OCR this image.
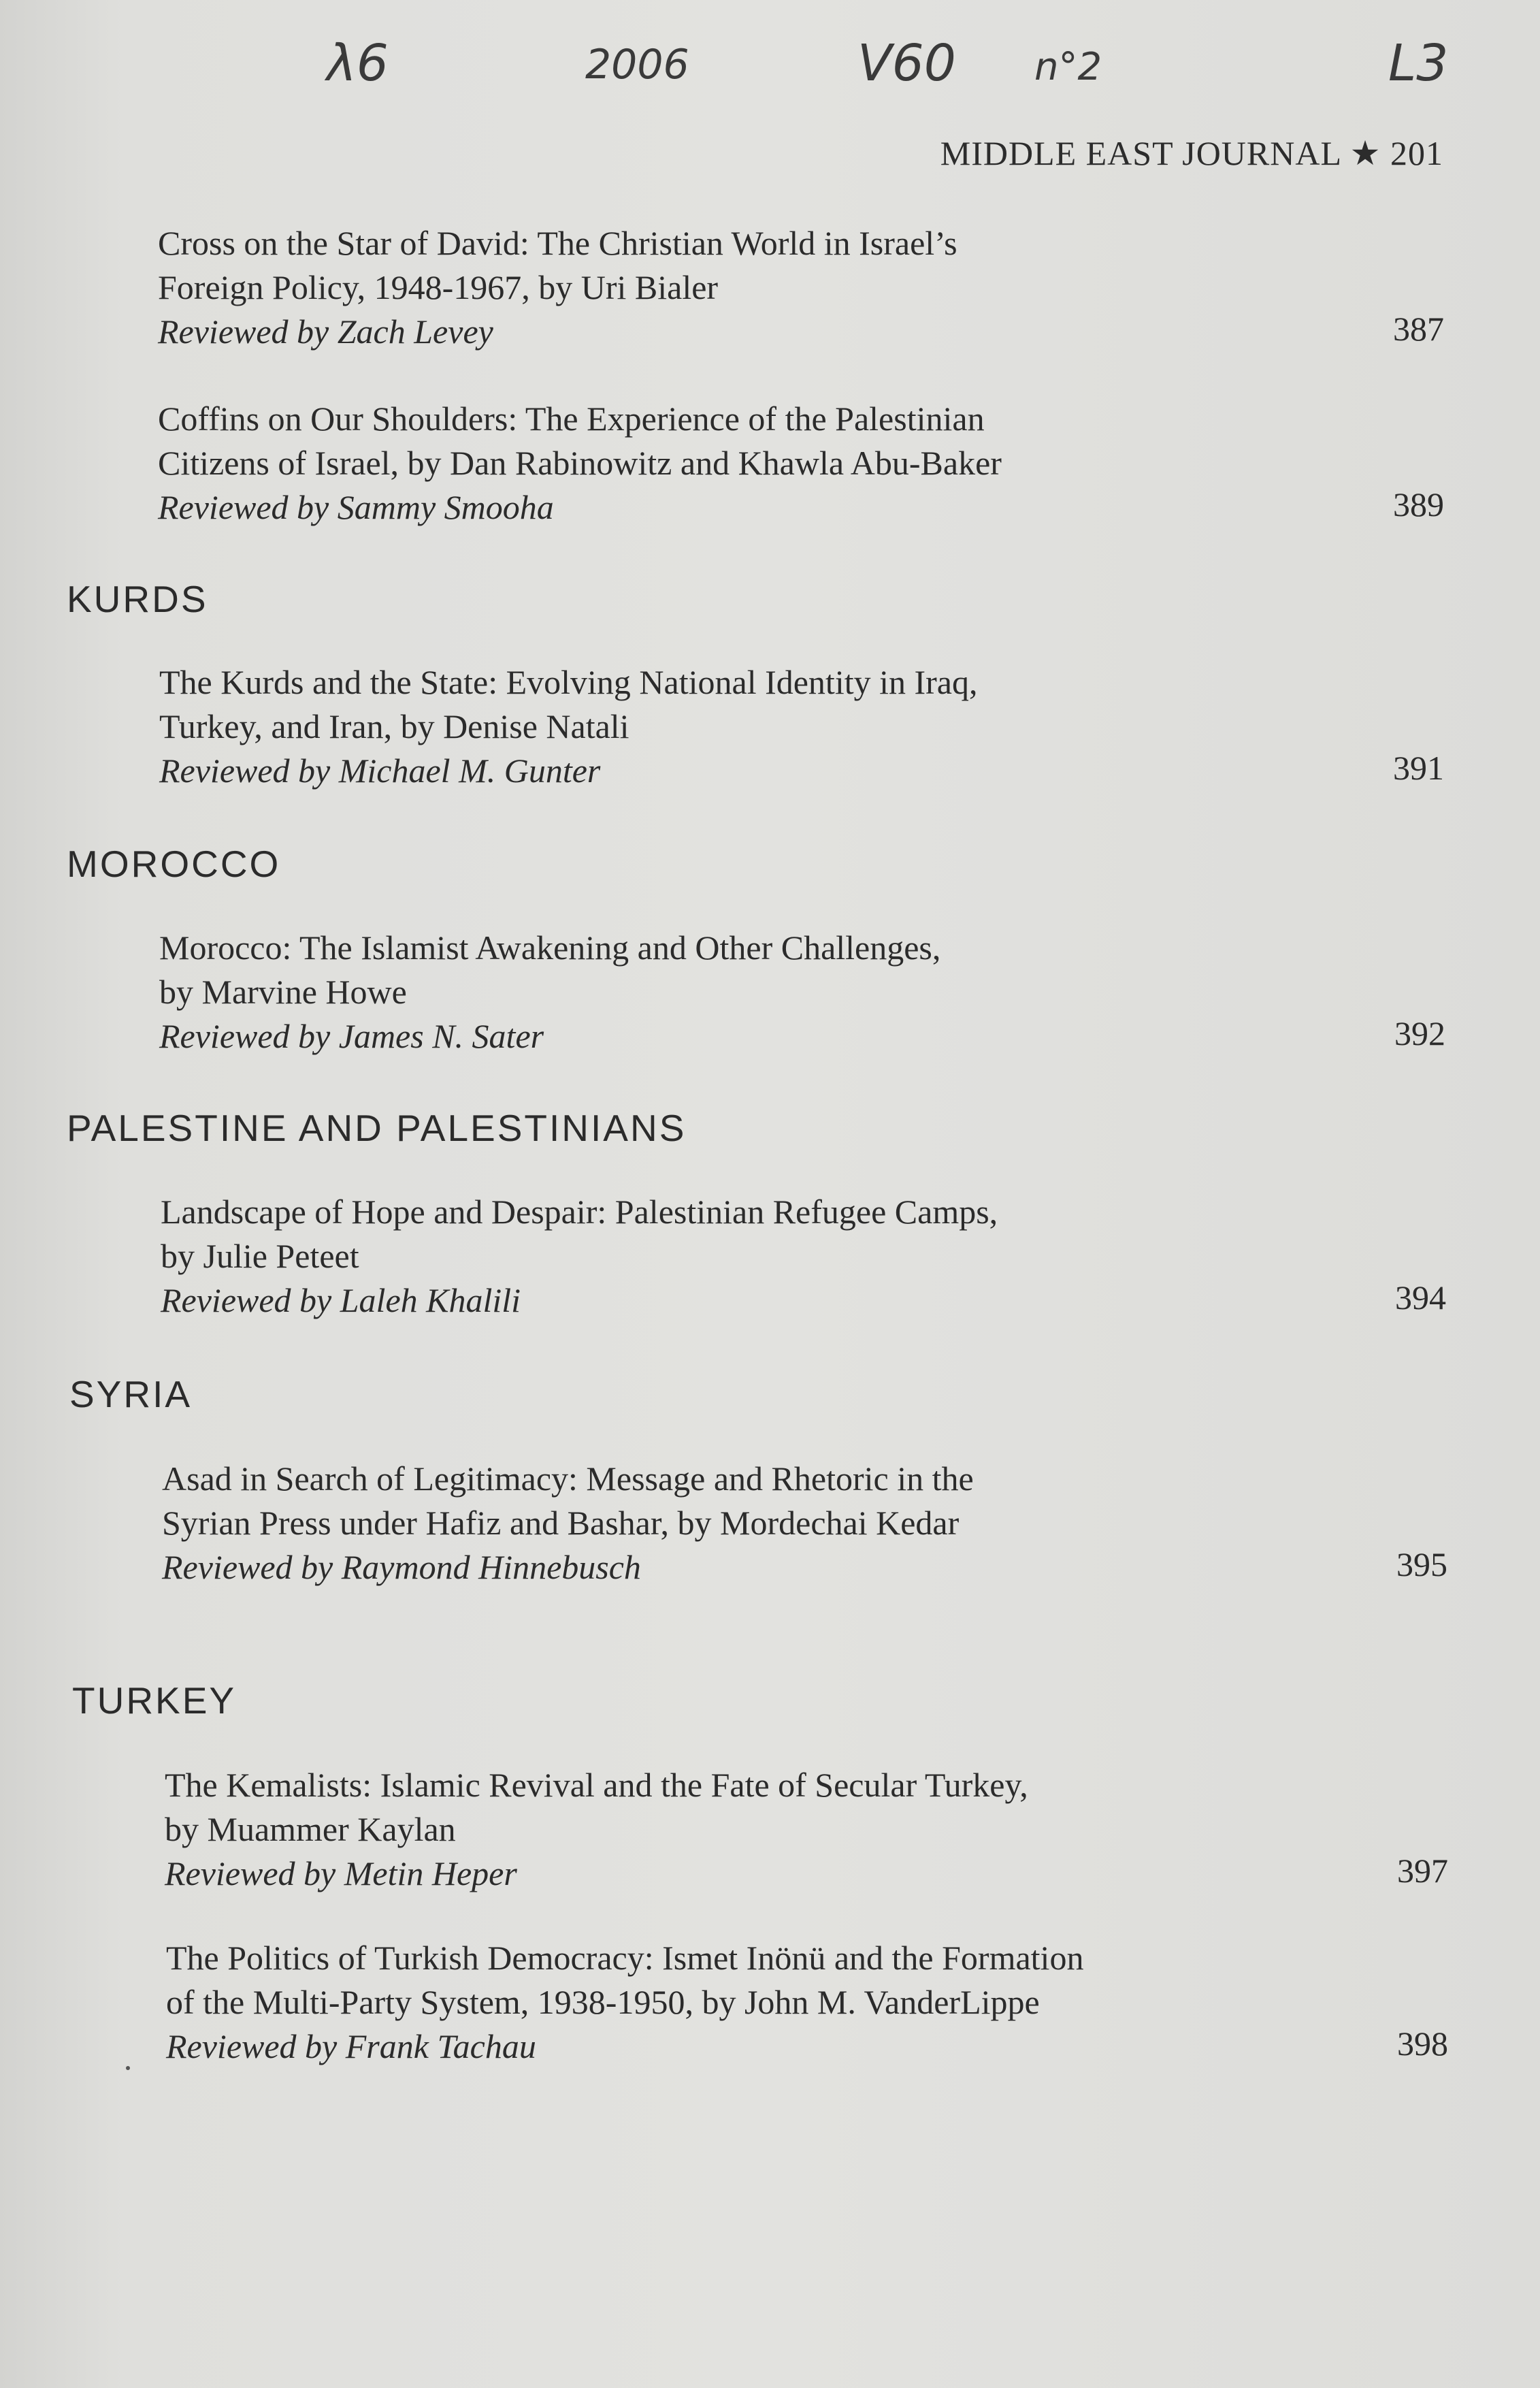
λ6	2006	V60 n°2	L3
MIDDLE EAST JOURNAL ★ 201
Cross on the Star of David: The Christian World in Israel’s
Foreign Policy, 1948-1967, by Uri Bialer
Reviewed by Zach Levey	387
Coffins on Our Shoulders: The Experience of the Palestinian
Citizens of Israel, by Dan Rabinowitz and Khawla Abu-Baker
Reviewed by Sammy Smooha	389
KURDS
The Kurds and the State: Evolving National Identity in Iraq,
Turkey, and Iran, by Denise Natali
Reviewed by Michael M. Gunter	391
MOROCCO
Morocco: The Islamist Awakening and Other Challenges,
by Marvine Howe
Reviewed by James N. Sater	392
PALESTINE AND PALESTINIANS
Landscape of Hope and Despair: Palestinian Refugee Camps,
by Julie Peteet
Reviewed by Laleh Khalili	394
SYRIA
Asad in Search of Legitimacy: Message and Rhetoric in the
Syrian Press under Hafiz and Bashar, by Mordechai Kedar
Reviewed by Raymond Hinnebusch	395
TURKEY
The Kemalists: Islamic Revival and the Fate of Secular Turkey,
by Muammer Kaylan
Reviewed by Metin Heper	397
The Politics of Turkish Democracy: Ismet Inönü and the Formation
of the Multi-Party System, 1938-1950, by John M. VanderLippe
Reviewed by Frank Tachau	398
